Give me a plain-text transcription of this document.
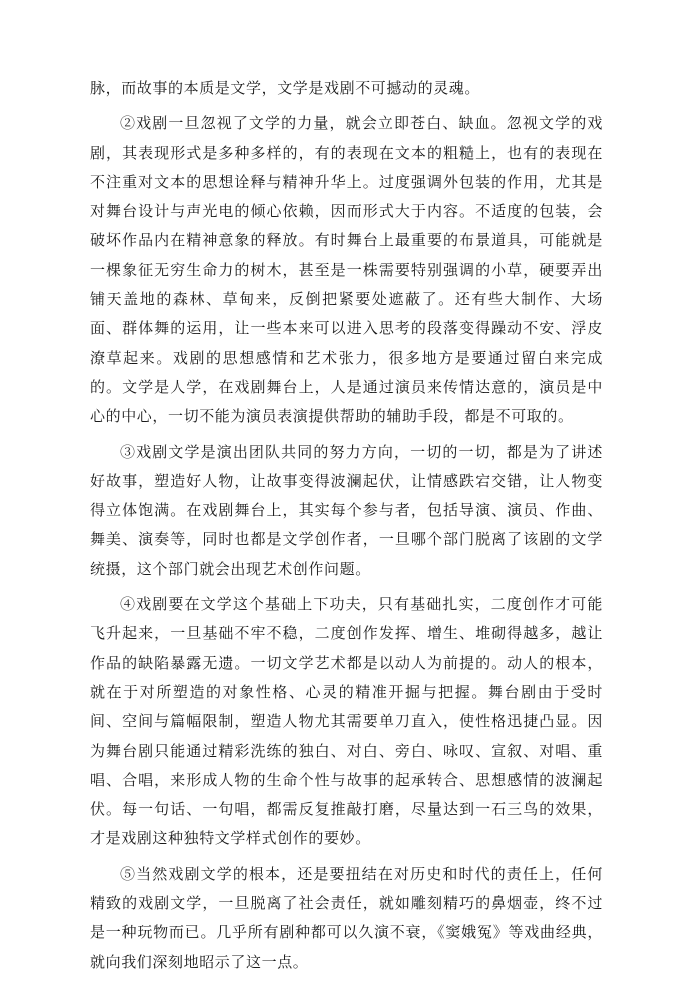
脉，而故事的本质是文学，文学是戏剧不可撼动的灵魂。

②戏剧一旦忽视了文学的力量，就会立即苍白、缺血。忽视文学的戏剧，其表现形式是多种多样的，有的表现在文本的粗糙上，也有的表现在不注重对文本的思想诠释与精神升华上。过度强调外包装的作用，尤其是对舞台设计与声光电的倾心依赖，因而形式大于内容。不适度的包装，会破坏作品内在精神意象的释放。有时舞台上最重要的布景道具，可能就是一棵象征无穷生命力的树木，甚至是一株需要特别强调的小草，硬要弄出铺天盖地的森林、草甸来，反倒把紧要处遮蔽了。还有些大制作、大场面、群体舞的运用，让一些本来可以进入思考的段落变得躁动不安、浮皮潦草起来。戏剧的思想感情和艺术张力，很多地方是要通过留白来完成的。文学是人学，在戏剧舞台上，人是通过演员来传情达意的，演员是中心的中心，一切不能为演员表演提供帮助的辅助手段，都是不可取的。

③戏剧文学是演出团队共同的努力方向，一切的一切，都是为了讲述好故事，塑造好人物，让故事变得波澜起伏，让情感跌宕交错，让人物变得立体饱满。在戏剧舞台上，其实每个参与者，包括导演、演员、作曲、舞美、演奏等，同时也都是文学创作者，一旦哪个部门脱离了该剧的文学统摄，这个部门就会出现艺术创作问题。

④戏剧要在文学这个基础上下功夫，只有基础扎实，二度创作才可能飞升起来，一旦基础不牢不稳，二度创作发挥、增生、堆砌得越多，越让作品的缺陷暴露无遗。一切文学艺术都是以动人为前提的。动人的根本，就在于对所塑造的对象性格、心灵的精准开掘与把握。舞台剧由于受时间、空间与篇幅限制，塑造人物尤其需要单刀直入，使性格迅捷凸显。因为舞台剧只能通过精彩洗练的独白、对白、旁白、咏叹、宣叙、对唱、重唱、合唱，来形成人物的生命个性与故事的起承转合、思想感情的波澜起伏。每一句话、一句唱，都需反复推敲打磨，尽量达到一石三鸟的效果，才是戏剧这种独特文学样式创作的要妙。

⑤当然戏剧文学的根本，还是要扭结在对历史和时代的责任上，任何精致的戏剧文学，一旦脱离了社会责任，就如雕刻精巧的鼻烟壶，终不过是一种玩物而已。几乎所有剧种都可以久演不衰，《窦娥冤》等戏曲经典，就向我们深刻地昭示了这一点。
